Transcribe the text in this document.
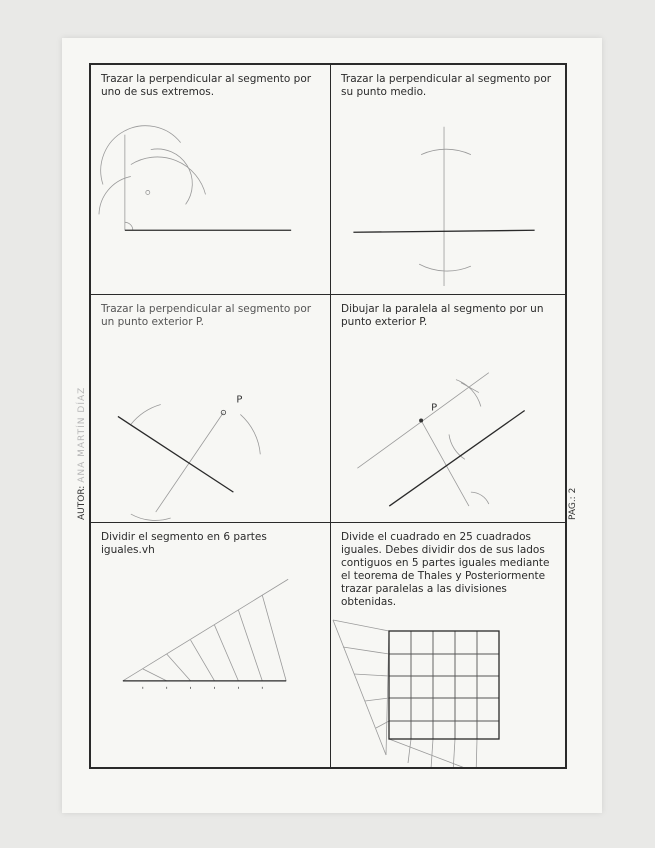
AUTOR: ANA MARTÍN DÍAZ
PAG.: 2
Trazar la perpendicular al segmento por
uno de sus extremos.
Trazar la perpendicular al segmento por
su punto medio.
Trazar la perpendicular al segmento por
un punto exterior P.
P
Dibujar la paralela al segmento por un
punto exterior P.
P
Dividir el segmento en 6 partes
iguales.vh
Divide el cuadrado en 25 cuadrados
iguales. Debes dividir dos de sus lados
contiguos en 5 partes iguales mediante
el teorema de Thales y Posteriormente
trazar paralelas a las divisiones
obtenidas.
